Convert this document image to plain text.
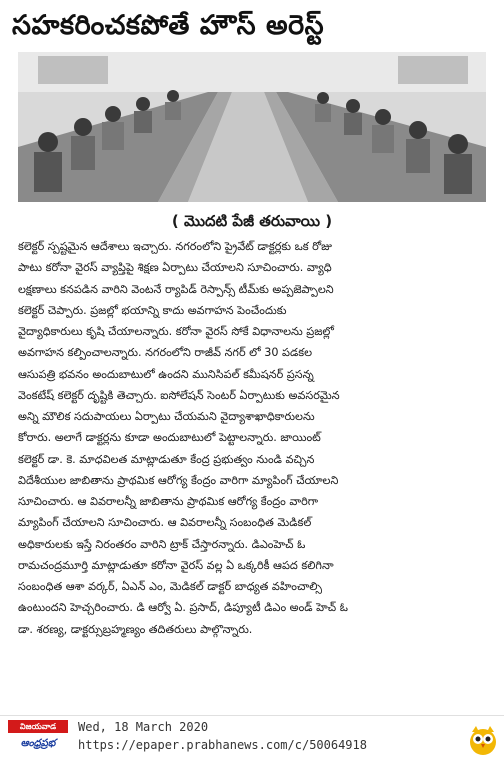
సహకరించకపోతే హౌస్ అరెస్ట్
( మొదటి పేజీ తరువాయి )
కలెక్టర్ స్పష్టమైన ఆదేశాలు ఇచ్చారు. నగరంలోని ప్రైవేట్ డాక్టర్లకు ఒక రోజు
పాటు కరోనా వైరస్ వ్యాప్తిపై శిక్షణ ఏర్పాటు చేయాలని సూచించారు. వ్యాధి
లక్షణాలు కనపడిన వారిని వెంటనే ర్యాపిడ్ రెస్పాన్స్ టీమ్‌కు అప్పజెప్పాలని
కలెక్టర్ చెప్పారు. ప్రజల్లో భయాన్ని కాదు అవగాహన పెంచేందుకు
వైద్యాధికారులు కృషి చేయాలన్నారు. కరోనా వైరస్ సోకే విధానాలను ప్రజల్లో
అవగాహన కల్పించాలన్నారు. నగరంలోని రాజీవ్ నగర్ లో 30 పడకల
ఆసుపత్రి భవనం అందుబాటులో ఉందని మునిసిపల్ కమీషనర్ ప్రసన్న
వెంకటేష్ కలెక్టర్ దృష్టికి తెచ్చారు. ఐసోలేషన్ సెంటర్ ఏర్పాటుకు అవసరమైన
అన్ని మౌలిక సదుపాయలు ఏర్పాటు చేయమని వైద్యాశాఖాధికారులను
కోరారు. అలాగే డాక్టర్లను కూడా అందుబాటులో పెట్టాలన్నారు. జాయింట్
కలెక్టర్ డా. కె. మాధవిలత మాట్లాడుతూ కేంద్ర ప్రభుత్వం నుండి వచ్చిన
విదేశీయుల జాబితాను ప్రాథమిక ఆరోగ్య కేంద్రం వారిగా మ్యాపింగ్ చేయాలని
సూచించారు. ఆ వివరాలన్నీ జాబితాను ప్రాథమిక ఆరోగ్య కేంద్రం వారిగా
మ్యాపింగ్ చేయాలని సూచించారు. ఆ వివరాలన్నీ సంబంధిత మెడికల్
అధికారులకు ఇస్తే నిరంతరం వారిని ట్రాక్ చేస్తారన్నారు. డిఎంహెచ్ ఓ
రామచంద్రమూర్తి మాట్లాడుతూ కరోనా వైరస్ వల్ల ఏ ఒక్కరికీ ఆపద కలిగినా
సంబంధిత ఆశా వర్కర్, ఏఎన్ ఎం, మెడికల్ డాక్టర్ బాధ్యత వహించాల్సి
ఉంటుందని హెచ్చరించారు. డి ఆర్వో ఏ. ప్రసాద్, డిప్యూటీ డిఎం అండ్ హెచ్ ఓ
డా. శరణ్య, డాక్టర్సుబ్రహ్మణ్యం తదితరులు పాల్గొన్నారు.
విజయవాడ
ఆంధ్రప్రభ
Wed, 18 March 2020
https://epaper.prabhanews.com/c/50064918
